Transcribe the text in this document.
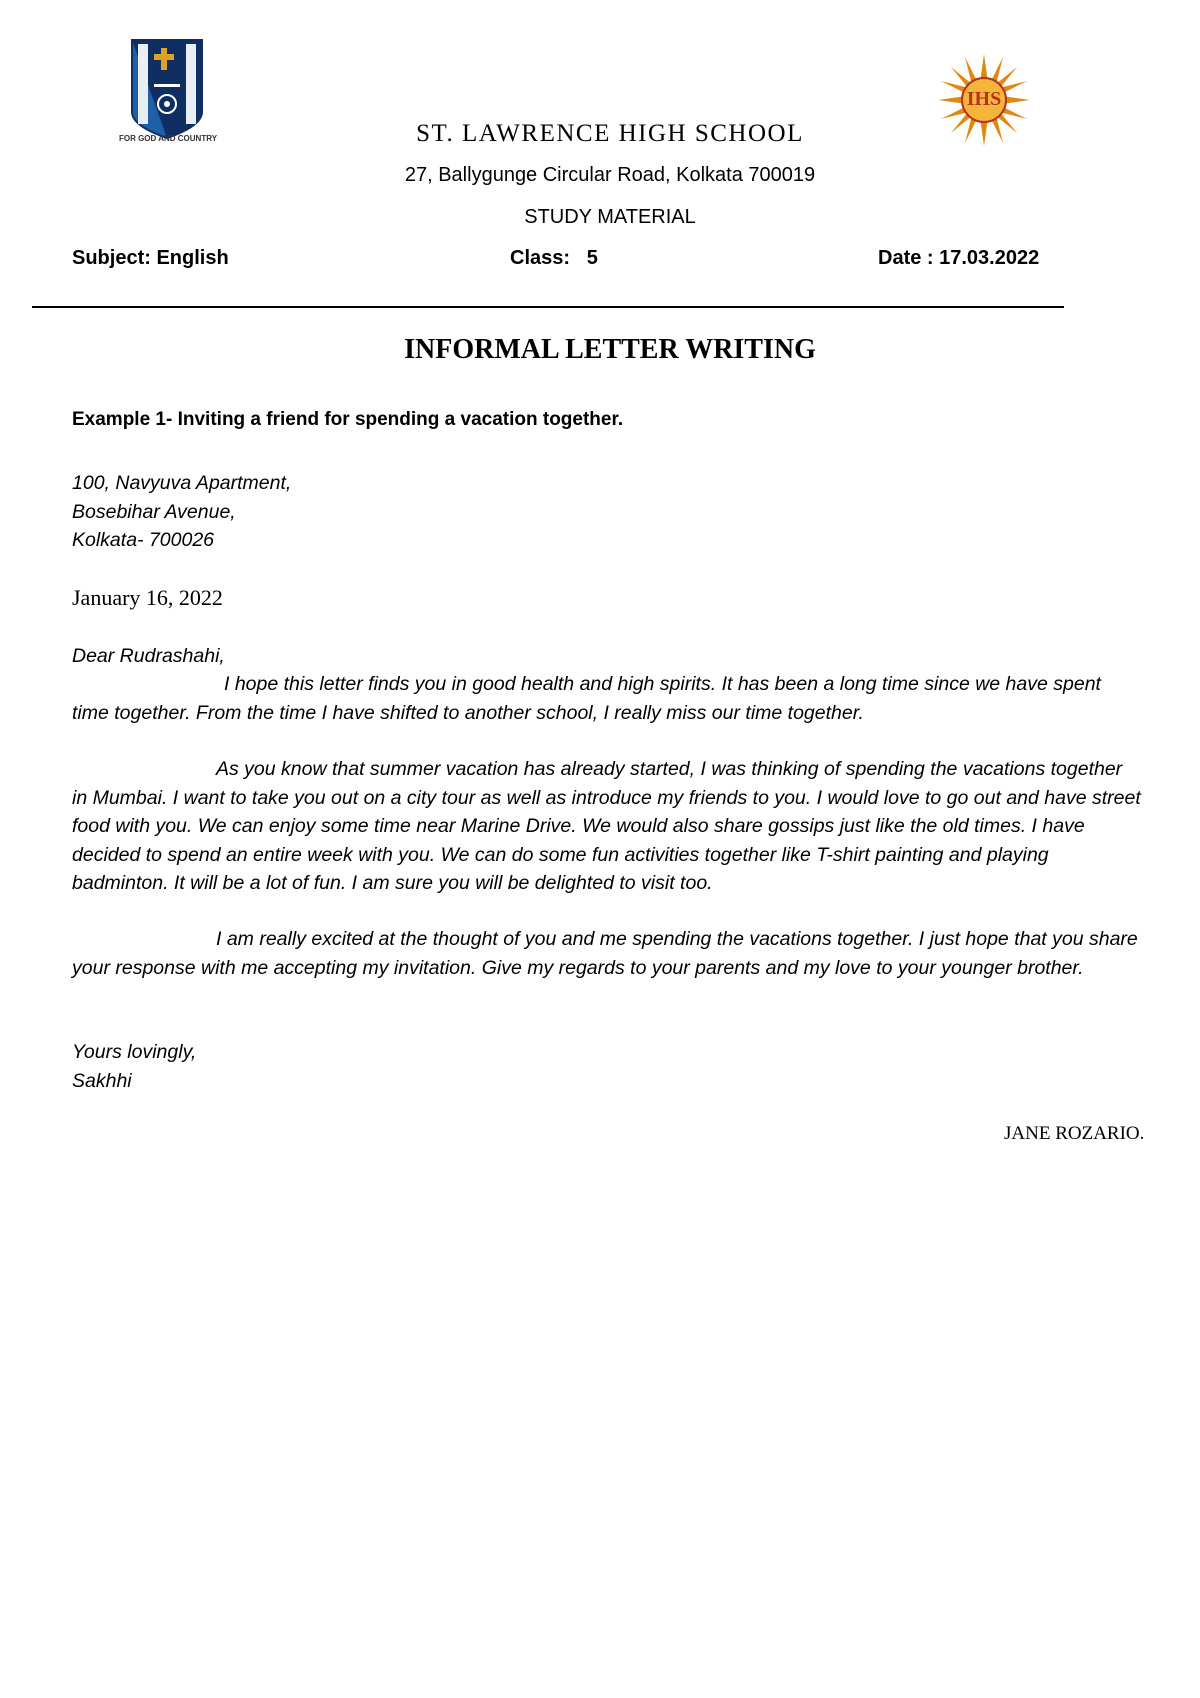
FOR GOD AND COUNTRY
IHS
ST. LAWRENCE HIGH SCHOOL
27, Ballygunge Circular Road, Kolkata 700019
STUDY MATERIAL
Subject: English	Class:   5	Date : 17.03.2022
INFORMAL LETTER WRITING
Example 1- Inviting a friend for spending a vacation together.
100, Navyuva Apartment,
Bosebihar Avenue,
Kolkata- 700026
January 16, 2022
Dear Rudrashahi,
I hope this letter finds you in good health and high spirits. It has been a long time since we have spent time together. From the time I have shifted to another school, I really miss our time together.
As you know that summer vacation has already started, I was thinking of spending the vacations together in Mumbai. I want to take you out on a city tour as well as introduce my friends to you. I would love to go out and have street food with you. We can enjoy some time near Marine Drive. We would also share gossips just like the old times. I have decided to spend an entire week with you. We can do some fun activities together like T-shirt painting and playing badminton. It will be a lot of fun. I am sure you will be delighted to visit too.
I am really excited at the thought of you and me spending the vacations together. I just hope that you share your response with me accepting my invitation. Give my regards to your parents and my love to your younger brother.
Yours lovingly,
Sakhhi
JANE ROZARIO.
